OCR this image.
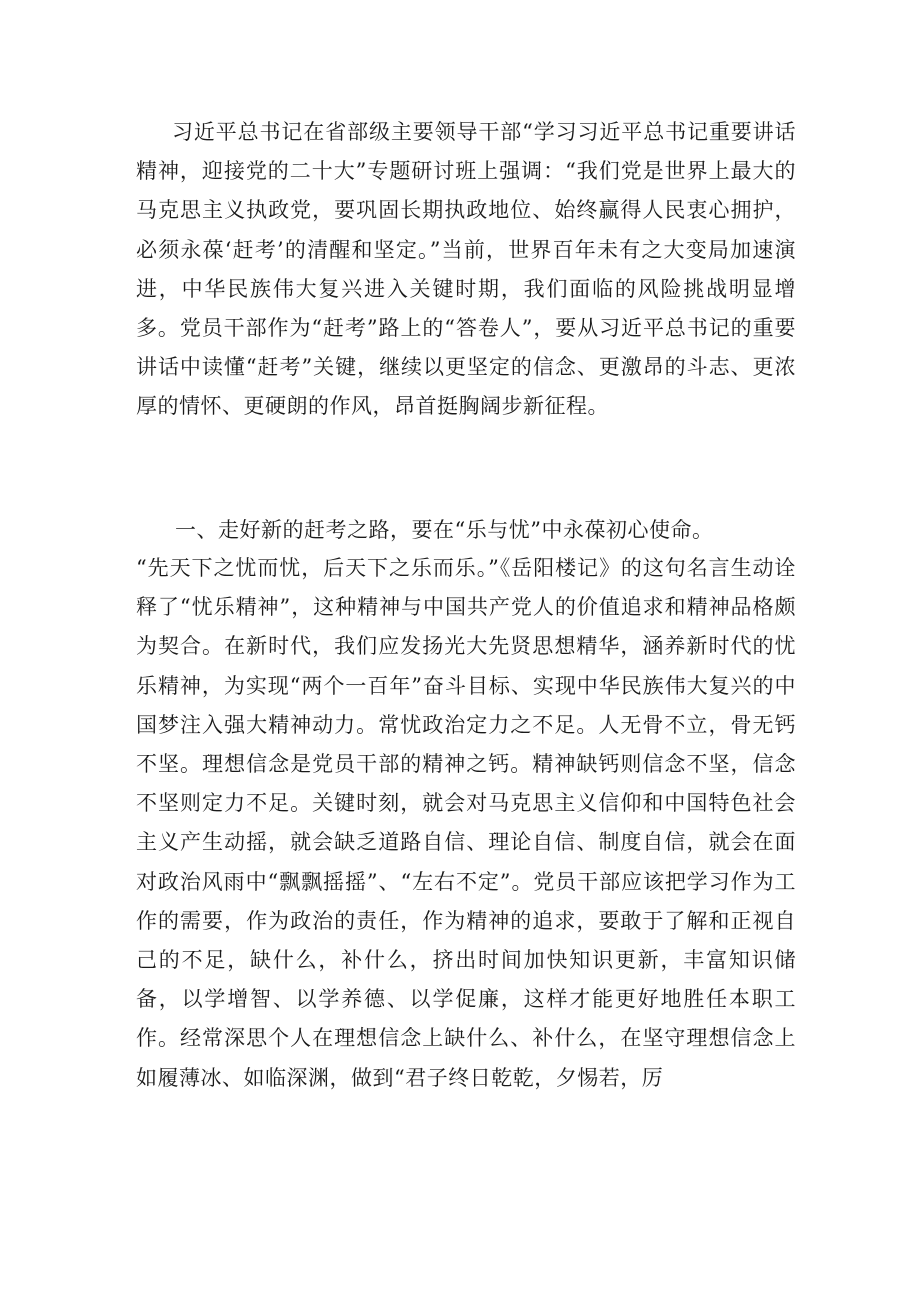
习近平总书记在省部级主要领导干部“学习习近平总书记重要讲话精神，迎接党的二十大”专题研讨班上强调：“我们党是世界上最大的马克思主义执政党，要巩固长期执政地位、始终赢得人民衷心拥护，必须永葆‘赶考’的清醒和坚定。”当前，世界百年未有之大变局加速演进，中华民族伟大复兴进入关键时期，我们面临的风险挑战明显增多。党员干部作为“赶考”路上的“答卷人”，要从习近平总书记的重要讲话中读懂“赶考”关键，继续以更坚定的信念、更激昂的斗志、更浓厚的情怀、更硬朗的作风，昂首挺胸阔步新征程。

一、走好新的赶考之路，要在“乐与忧”中永葆初心使命。

“先天下之忧而忧，后天下之乐而乐。”《岳阳楼记》的这句名言生动诠释了“忧乐精神”，这种精神与中国共产党人的价值追求和精神品格颇为契合。在新时代，我们应发扬光大先贤思想精华，涵养新时代的忧乐精神，为实现“两个一百年”奋斗目标、实现中华民族伟大复兴的中国梦注入强大精神动力。常忧政治定力之不足。人无骨不立，骨无钙不坚。理想信念是党员干部的精神之钙。精神缺钙则信念不坚，信念不坚则定力不足。关键时刻，就会对马克思主义信仰和中国特色社会主义产生动摇，就会缺乏道路自信、理论自信、制度自信，就会在面对政治风雨中“飘飘摇摇”、“左右不定”。党员干部应该把学习作为工作的需要，作为政治的责任，作为精神的追求，要敢于了解和正视自己的不足，缺什么，补什么，挤出时间加快知识更新，丰富知识储备，以学增智、以学养德、以学促廉，这样才能更好地胜任本职工作。经常深思个人在理想信念上缺什么、补什么，在坚守理想信念上如履薄冰、如临深渊，做到“君子终日乾乾，夕惕若，厉
